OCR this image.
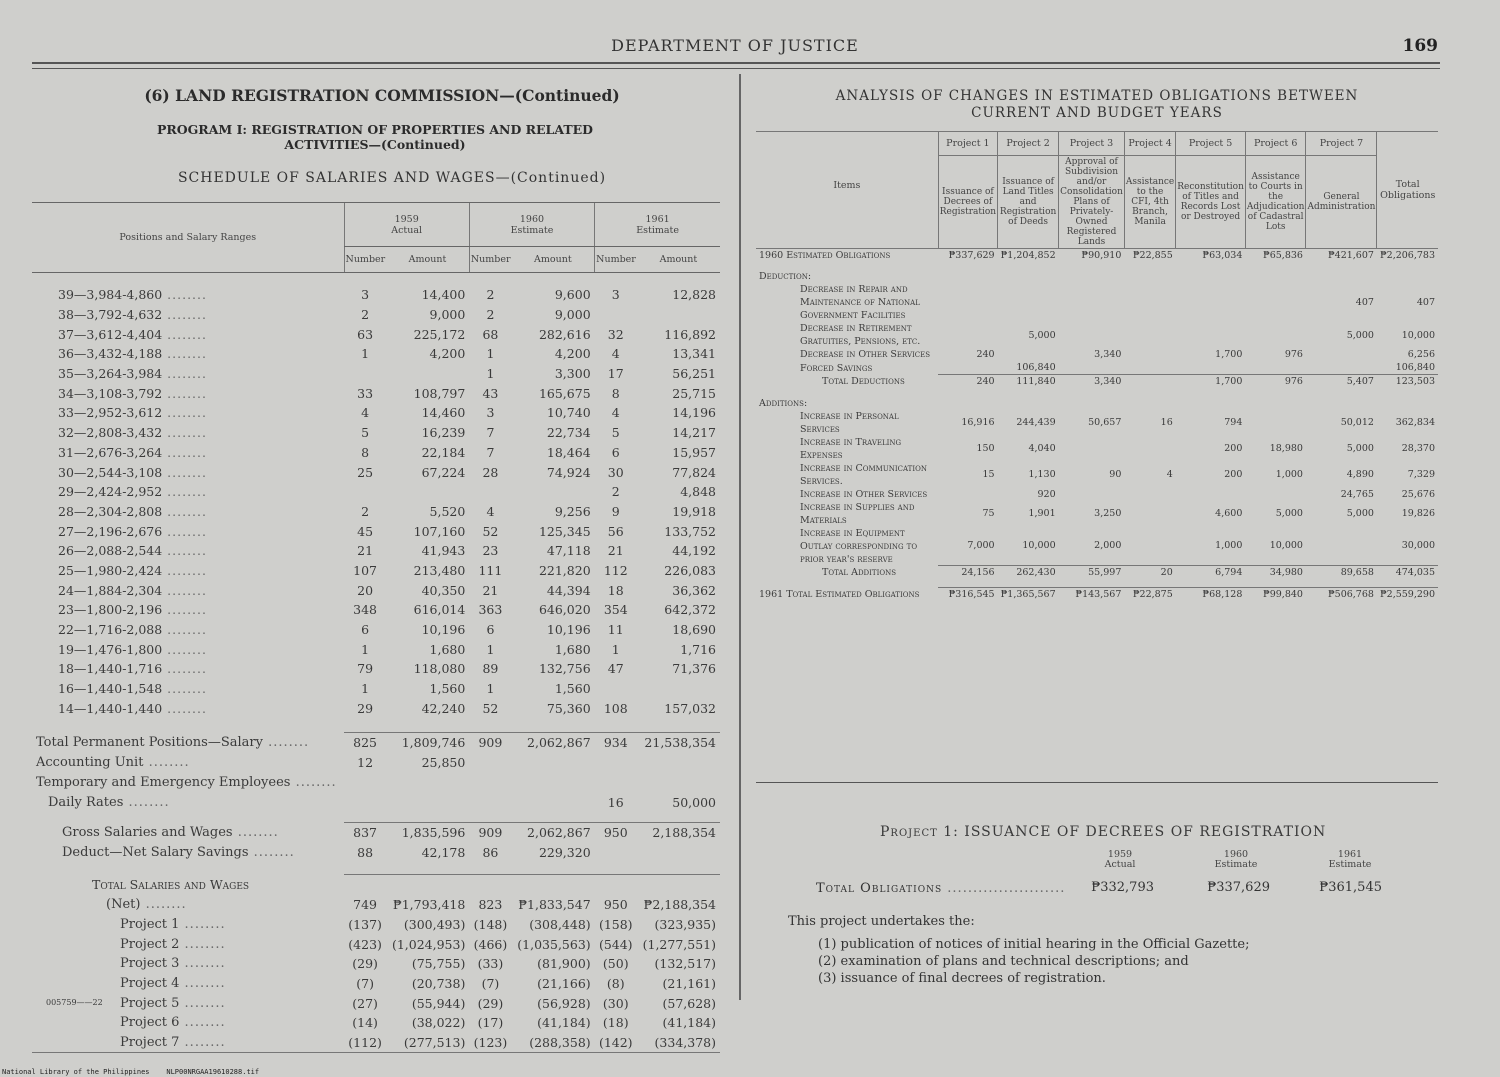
DEPARTMENT OF JUSTICE	169
(6) LAND REGISTRATION COMMISSION—(Continued)
PROGRAM I: REGISTRATION OF PROPERTIES AND RELATED ACTIVITIES—(Continued)
SCHEDULE OF SALARIES AND WAGES—(Continued)
Positions and Salary Ranges	1959
Actual		1960
Estimate		1961
Estimate	
	Number	Amount	Number	Amount	Number	Amount

39—3,984-4,860 ........	3	14,400	2	9,600	3	12,828
38—3,792-4,632 ........	2	9,000	2	9,000		
37—3,612-4,404 ........	63	225,172	68	282,616	32	116,892
36—3,432-4,188 ........	1	4,200	1	4,200	4	13,341
35—3,264-3,984 ........			1	3,300	17	56,251
34—3,108-3,792 ........	33	108,797	43	165,675	8	25,715
33—2,952-3,612 ........	4	14,460	3	10,740	4	14,196
32—2,808-3,432 ........	5	16,239	7	22,734	5	14,217
31—2,676-3,264 ........	8	22,184	7	18,464	6	15,957
30—2,544-3,108 ........	25	67,224	28	74,924	30	77,824
29—2,424-2,952 ........					2	4,848
28—2,304-2,808 ........	2	5,520	4	9,256	9	19,918
27—2,196-2,676 ........	45	107,160	52	125,345	56	133,752
26—2,088-2,544 ........	21	41,943	23	47,118	21	44,192
25—1,980-2,424 ........	107	213,480	111	221,820	112	226,083
24—1,884-2,304 ........	20	40,350	21	44,394	18	36,362
23—1,800-2,196 ........	348	616,014	363	646,020	354	642,372
22—1,716-2,088 ........	6	10,196	6	10,196	11	18,690
19—1,476-1,800 ........	1	1,680	1	1,680	1	1,716
18—1,440-1,716 ........	79	118,080	89	132,756	47	71,376
16—1,440-1,548 ........	1	1,560	1	1,560		
14—1,440-1,440 ........	29	42,240	52	75,360	108	157,032

Total Permanent Positions—Salary ........	825	1,809,746	909	2,062,867	934	21,538,354
Accounting Unit ........	12	25,850				
Temporary and Emergency Employees ........						
Daily Rates ........					16	50,000

Gross Salaries and Wages ........	837	1,835,596	909	2,062,867	950	2,188,354
Deduct—Net Salary Savings ........	88	42,178	86	229,320		

Total Salaries and Wages						
(Net) ........	749	₱1,793,418	823	₱1,833,547	950	₱2,188,354
Project 1 ........	(137)	(300,493)	(148)	(308,448)	(158)	(323,935)
Project 2 ........	(423)	(1,024,953)	(466)	(1,035,563)	(544)	(1,277,551)
Project 3 ........	(29)	(75,755)	(33)	(81,900)	(50)	(132,517)
Project 4 ........	(7)	(20,738)	(7)	(21,166)	(8)	(21,161)
Project 5 ........	(27)	(55,944)	(29)	(56,928)	(30)	(57,628)
Project 6 ........	(14)	(38,022)	(17)	(41,184)	(18)	(41,184)
Project 7 ........	(112)	(277,513)	(123)	(288,358)	(142)	(334,378)
005759——22
ANALYSIS OF CHANGES IN ESTIMATED OBLIGATIONS BETWEEN
CURRENT AND BUDGET YEARS
Items	Project 1	Project 2	Project 3	Project 4	Project 5	Project 6	Project 7	Total Obligations
	Issuance of Decrees of Registration	Issuance of Land Titles and Registration of Deeds	Approval of Subdivision and/or Consolidation Plans of Privately-Owned Registered Lands	Assistance to the CFI, 4th Branch, Manila	Reconstitution of Titles and Records Lost or Destroyed	Assistance to Courts in the Adjudication of Cadastral Lots	General Administration	
1960 Estimated Obligations	₱337,629	₱1,204,852	₱90,910	₱22,855	₱63,034	₱65,836	₱421,607	₱2,206,783

Deduction:								
Decrease in Repair and Maintenance of National Government Facilities							407	407
Decrease in Retirement Gratuities, Pensions, etc.		5,000					5,000	10,000
Decrease in Other Services	240		3,340		1,700	976		6,256
Forced Savings		106,840						106,840
Total Deductions	240	111,840	3,340		1,700	976	5,407	123,503

Additions:								
Increase in Personal Services	16,916	244,439	50,657	16	794		50,012	362,834
Increase in Traveling Expenses	150	4,040			200	18,980	5,000	28,370
Increase in Communication Services.	15	1,130	90	4	200	1,000	4,890	7,329
Increase in Other Services		920					24,765	25,676
Increase in Supplies and Materials	75	1,901	3,250		4,600	5,000	5,000	19,826
Increase in Equipment Outlay corresponding to prior year's reserve	7,000	10,000	2,000		1,000	10,000		30,000
Total Additions	24,156	262,430	55,997	20	6,794	34,980	89,658	474,035

1961 Total Estimated Obligations	₱316,545	₱1,365,567	₱143,567	₱22,875	₱68,128	₱99,840	₱506,768	₱2,559,290
Project 1: ISSUANCE OF DECREES OF REGISTRATION
1959
Actual
1960
Estimate
1961
Estimate
Total Obligations .......................	₱332,793	₱337,629	₱361,545
This project undertakes the:
(1) publication of notices of initial hearing in the Official Gazette;
(2) examination of plans and technical descriptions; and
(3) issuance of final decrees of registration.
National Library of the Philippines NLP00NRGAA19610288.tif
